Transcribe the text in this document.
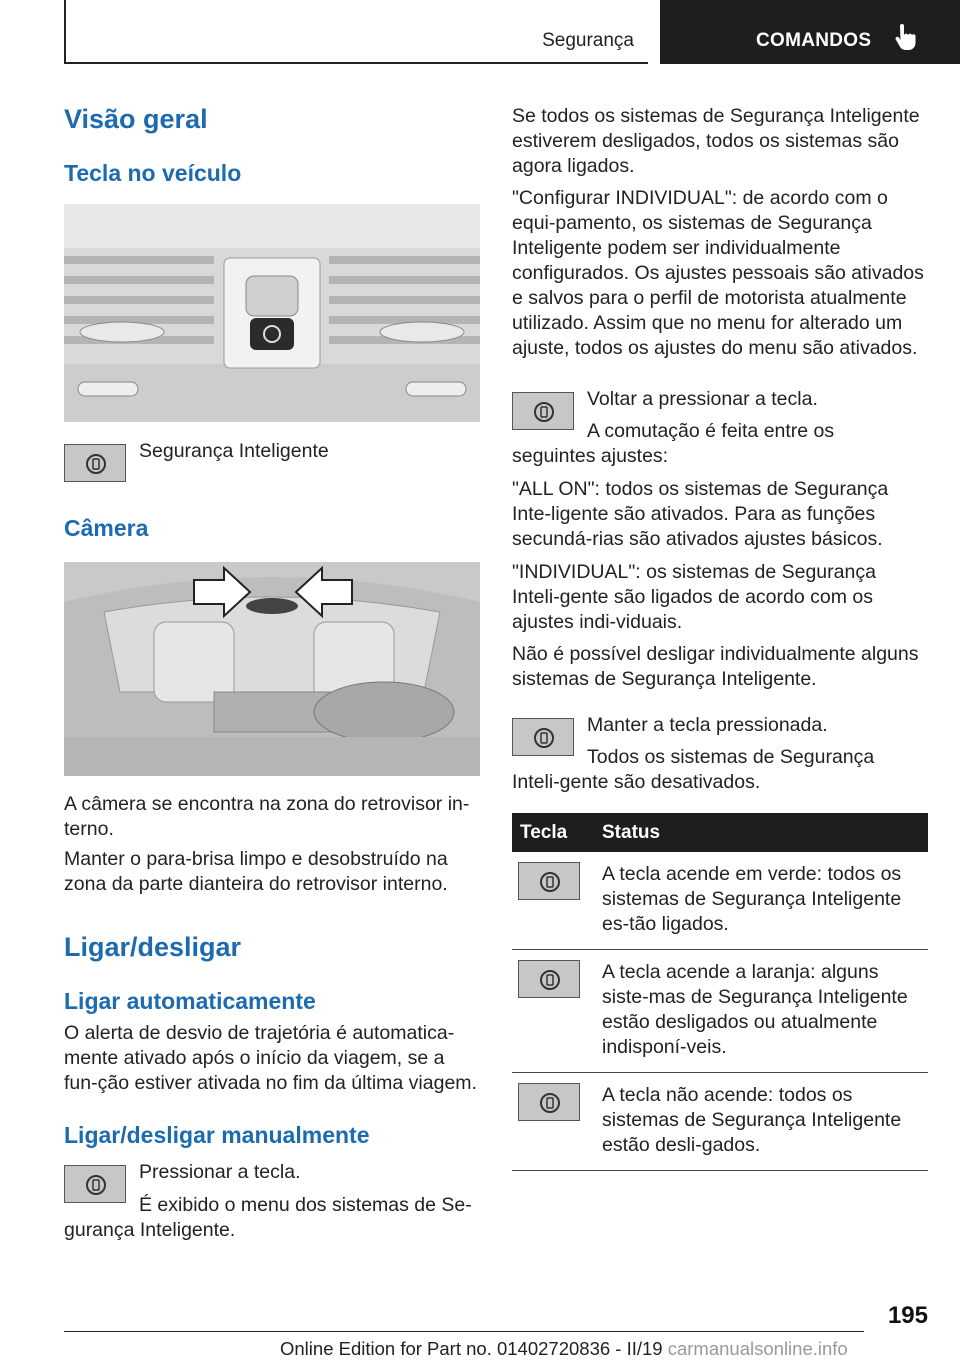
Segurança	COMANDOS
Visão geral
Tecla no veículo

Segurança Inteligente

Câmera

A câmera se encontra na zona do retrovisor in-terno.

Manter o para-brisa limpo e desobstruído na zona da parte dianteira do retrovisor interno.

Ligar/desligar
Ligar automaticamente

O alerta de desvio de trajetória é automatica-mente ativado após o início da viagem, se a fun-ção estiver ativada no fim da última viagem.

Ligar/desligar manualmente

Pressionar a tecla.

É exibido o menu dos sistemas de Se-gurança Inteligente.

Se todos os sistemas de Segurança Inteligente estiverem desligados, todos os sistemas são agora ligados.

"Configurar INDIVIDUAL": de acordo com o equi-pamento, os sistemas de Segurança Inteligente podem ser individualmente configurados. Os ajustes pessoais são ativados e salvos para o perfil de motorista atualmente utilizado. Assim que no menu for alterado um ajuste, todos os ajustes do menu são ativados.

Voltar a pressionar a tecla.

A comutação é feita entre os seguintes ajustes:

"ALL ON": todos os sistemas de Segurança Inte-ligente são ativados. Para as funções secundá-rias são ativados ajustes básicos.

"INDIVIDUAL": os sistemas de Segurança Inteli-gente são ligados de acordo com os ajustes indi-viduais.

Não é possível desligar individualmente alguns sistemas de Segurança Inteligente.

Manter a tecla pressionada.

Todos os sistemas de Segurança Inteli-gente são desativados.

Tecla	Status

	A tecla acende em verde: todos os sistemas de Segurança Inteligente es-tão ligados.

	A tecla acende a laranja: alguns siste-mas de Segurança Inteligente estão desligados ou atualmente indisponí-veis.

	A tecla não acende: todos os sistemas de Segurança Inteligente estão desli-gados.
195
Online Edition for Part no. 01402720836 - II/19 carmanualsonline.info
